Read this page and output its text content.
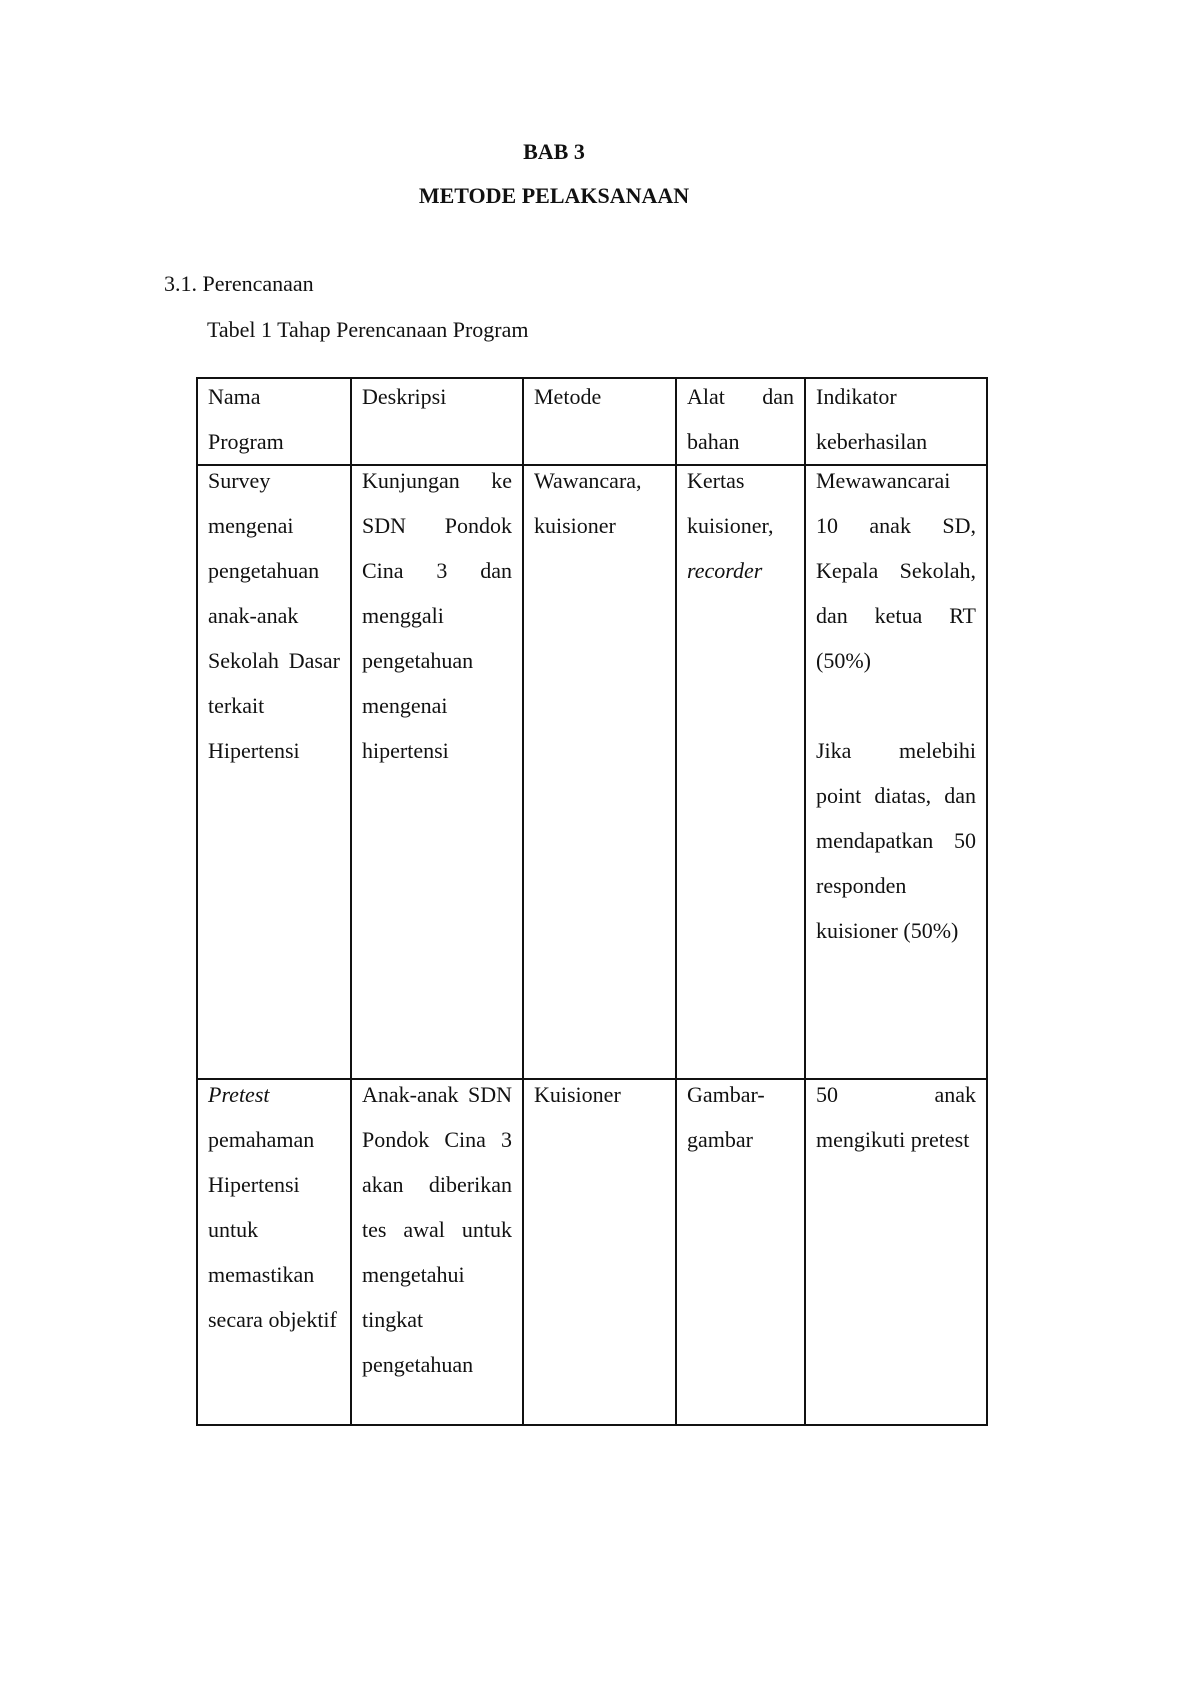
BAB 3
METODE PELAKSANAAN
3.1. Perencanaan
Tabel 1 Tahap Perencanaan Program
Nama Program	Deskripsi	Metode	Alat dan bahan	Indikator keberhasilan

Survey mengenai pengetahuan anak-anak Sekolah Dasar terkait Hipertensi	Kunjungan ke SDN Pondok Cina 3 dan menggali pengetahuan mengenai hipertensi	Wawancara, kuisioner	Kertas kuisioner, recorder	Mewawancarai 10 anak SD, Kepala Sekolah, dan ketua RT (50%)
Jika melebihi point diatas, dan mendapatkan 50 responden kuisioner (50%)

Pretest pemahaman Hipertensi untuk memastikan secara objektif	Anak-anak SDN Pondok Cina 3 akan diberikan tes awal untuk mengetahui tingkat pengetahuan	Kuisioner	Gambar-gambar	50 anak mengikuti pretest
